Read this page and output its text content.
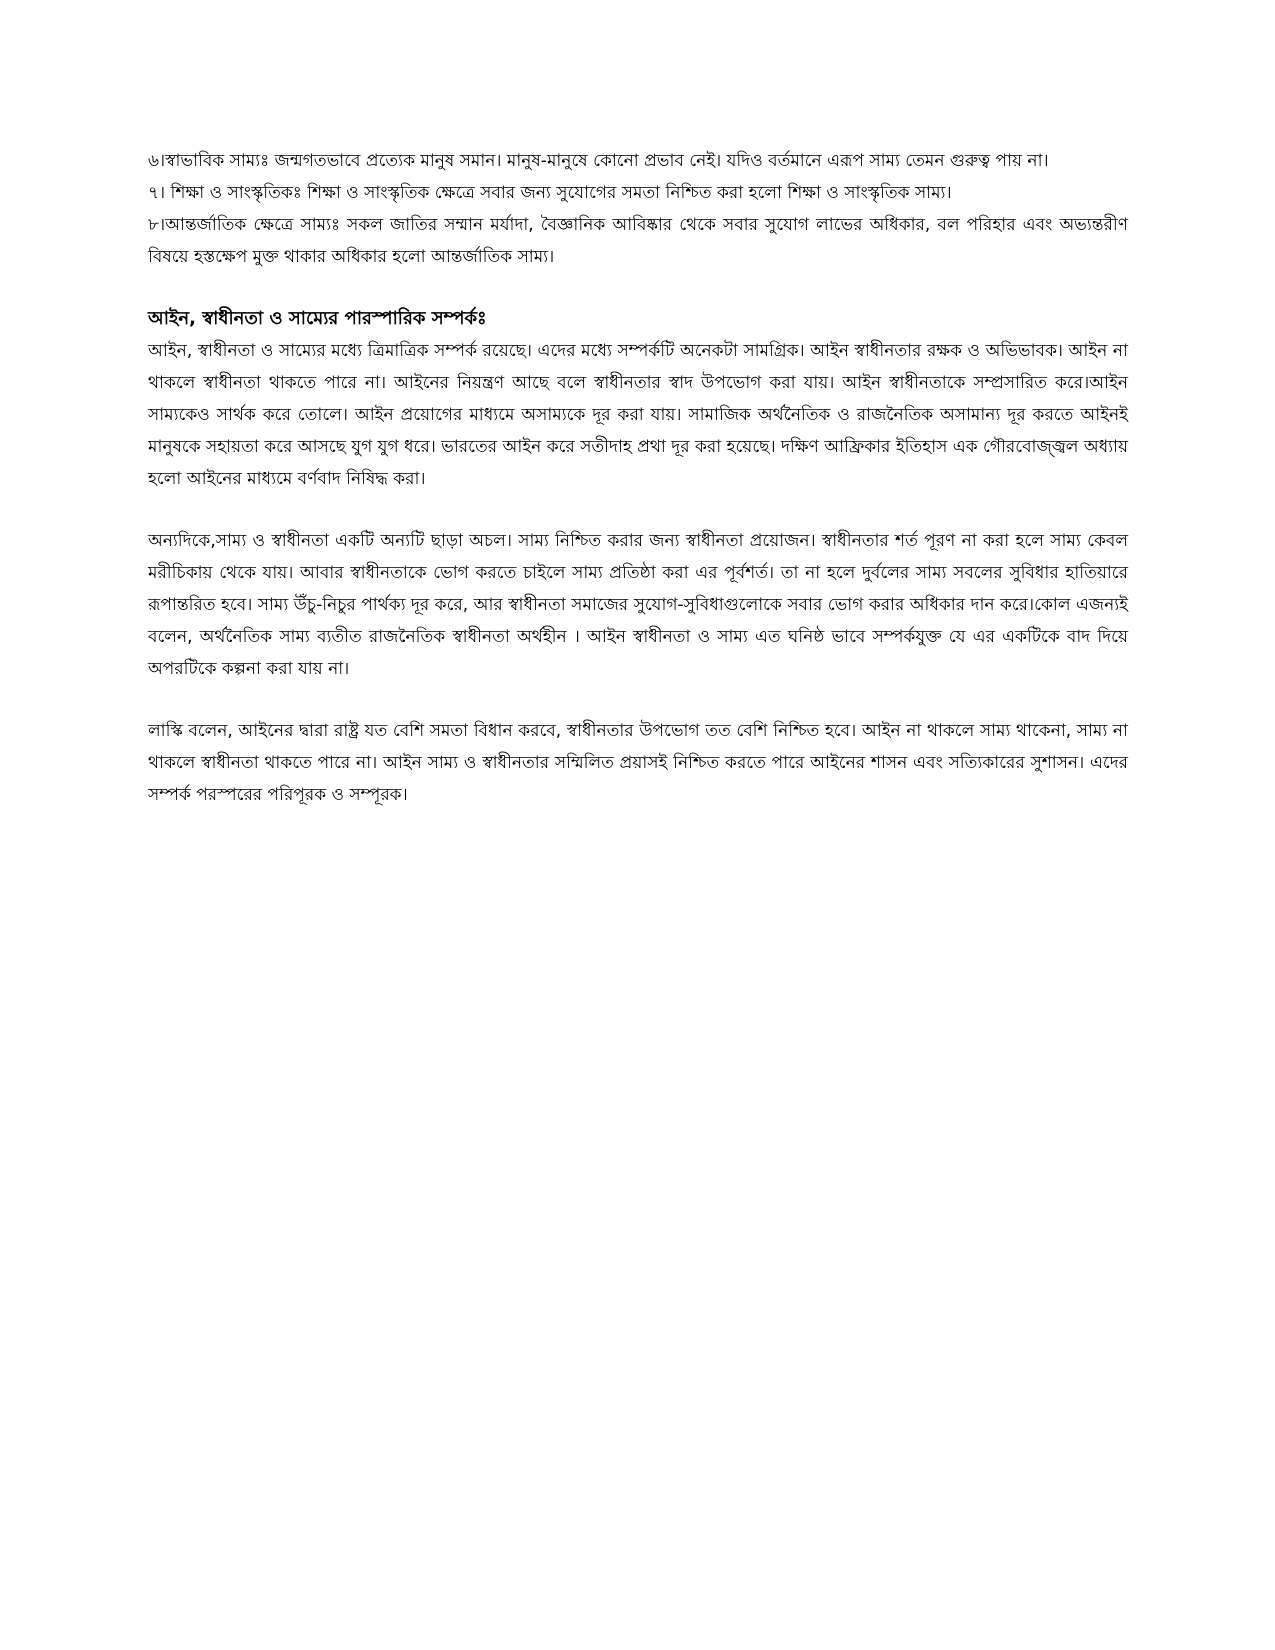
৬।স্বাভাবিক সাম্যঃ জন্মগতভাবে প্রত্যেক মানুষ সমান। মানুষ-মানুষে কোনো প্রভাব নেই। যদিও বর্তমানে এরূপ সাম্য তেমন গুরুত্ব পায় না।

৭। শিক্ষা ও সাংস্কৃতিকঃ শিক্ষা ও সাংস্কৃতিক ক্ষেত্রে সবার জন্য সুযোগের সমতা নিশ্চিত করা হলো শিক্ষা ও সাংস্কৃতিক সাম্য।

৮।আন্তর্জাতিক ক্ষেত্রে সাম্যঃ সকল জাতির সম্মান মর্যাদা, বৈজ্ঞানিক আবিষ্কার থেকে সবার সুযোগ লাভের অধিকার, বল পরিহার এবং অভ্যন্তরীণ বিষয়ে হস্তক্ষেপ মুক্ত থাকার অধিকার হলো আন্তর্জাতিক সাম্য।

আইন, স্বাধীনতা ও সাম্যের পারস্পারিক সম্পর্কঃ

আইন, স্বাধীনতা ও সাম্যের মধ্যে ত্রিমাত্রিক সম্পর্ক রয়েছে। এদের মধ্যে সম্পর্কটি অনেকটা সামগ্রিক। আইন স্বাধীনতার রক্ষক ও অভিভাবক। আইন না থাকলে স্বাধীনতা থাকতে পারে না। আইনের নিয়ন্ত্রণ আছে বলে স্বাধীনতার স্বাদ উপভোগ করা যায়। আইন স্বাধীনতাকে সম্প্রসারিত করে।আইন সাম্যকেও সার্থক করে তোলে। আইন প্রয়োগের মাধ্যমে অসাম্যকে দূর করা যায়। সামাজিক অর্থনৈতিক ও রাজনৈতিক অসামান্য দূর করতে আইনই মানুষকে সহায়তা করে আসছে যুগ যুগ ধরে। ভারতের আইন করে সতীদাহ প্রথা দূর করা হয়েছে। দক্ষিণ আফ্রিকার ইতিহাস এক গৌরবোজ্জ্বল অধ্যায় হলো আইনের মাধ্যমে বর্ণবাদ নিষিদ্ধ করা।

অন্যদিকে,সাম্য ও স্বাধীনতা একটি অন্যটি ছাড়া অচল। সাম্য নিশ্চিত করার জন্য স্বাধীনতা প্রয়োজন। স্বাধীনতার শর্ত পূরণ না করা হলে সাম্য কেবল মরীচিকায় থেকে যায়। আবার স্বাধীনতাকে ভোগ করতে চাইলে সাম্য প্রতিষ্ঠা করা এর পূর্বশর্ত। তা না হলে দুর্বলের সাম্য সবলের সুবিধার হাতিয়ারে রূপান্তরিত হবে। সাম্য উঁচু-নিচুর পার্থক্য দূর করে, আর স্বাধীনতা সমাজের সুযোগ-সুবিধাগুলোকে সবার ভোগ করার অধিকার দান করে।কোল এজন্যই বলেন, অর্থনৈতিক সাম্য ব্যতীত রাজনৈতিক স্বাধীনতা অর্থহীন । আইন স্বাধীনতা ও সাম্য এত ঘনিষ্ঠ ভাবে সম্পর্কযুক্ত যে এর একটিকে বাদ দিয়ে অপরটিকে কল্পনা করা যায় না।

লাস্কি বলেন, আইনের দ্বারা রাষ্ট্র যত বেশি সমতা বিধান করবে, স্বাধীনতার উপভোগ তত বেশি নিশ্চিত হবে। আইন না থাকলে সাম্য থাকেনা, সাম্য না থাকলে স্বাধীনতা থাকতে পারে না। আইন সাম্য ও স্বাধীনতার সম্মিলিত প্রয়াসই নিশ্চিত করতে পারে আইনের শাসন এবং সত্যিকারের সুশাসন। এদের সম্পর্ক পরস্পরের পরিপূরক ও সম্পূরক।
